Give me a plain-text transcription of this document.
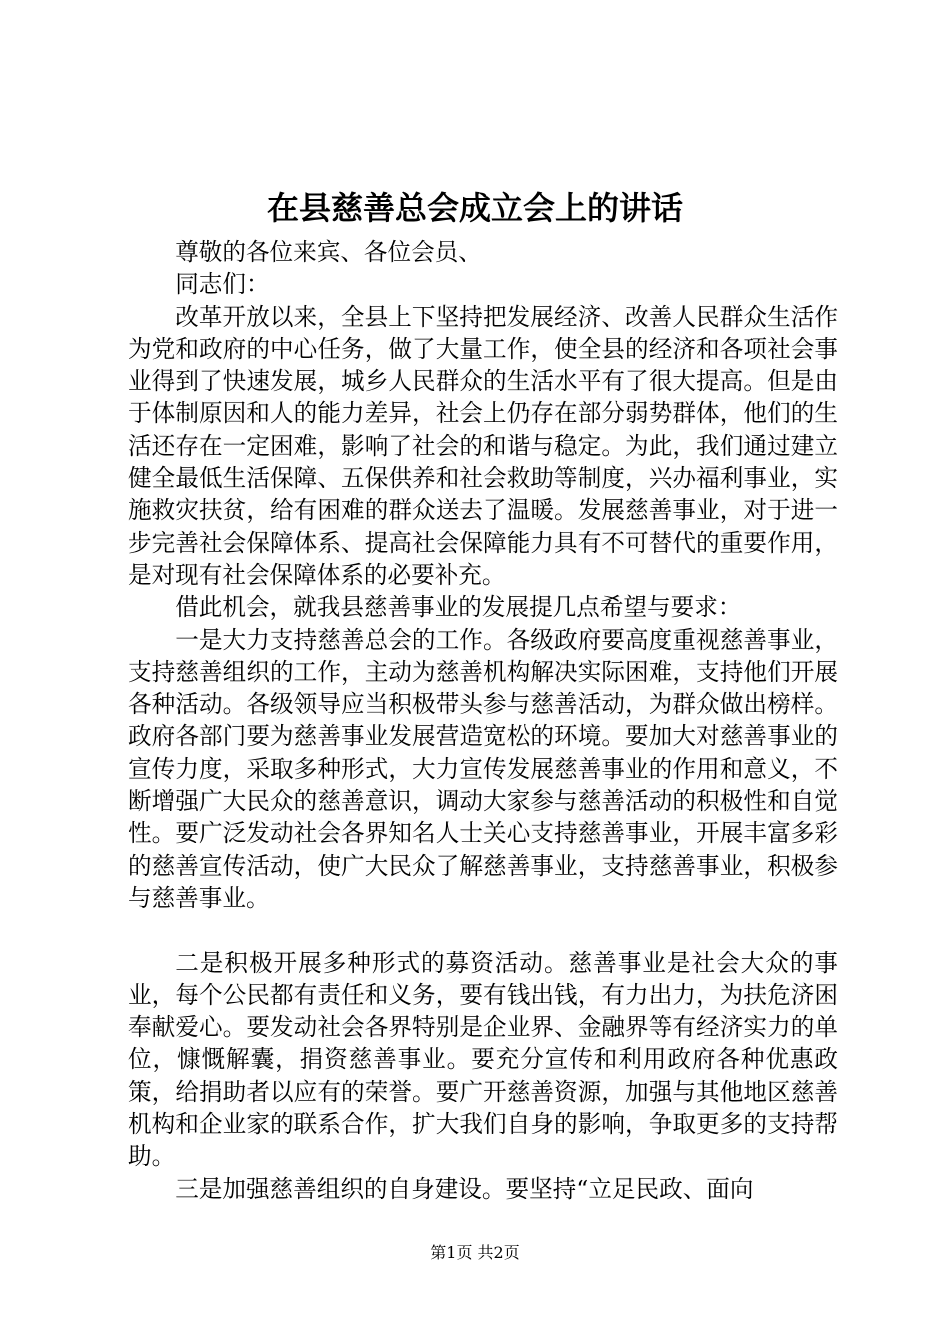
在县慈善总会成立会上的讲话

尊敬的各位来宾、各位会员、

同志们：

改革开放以来，全县上下坚持把发展经济、改善人民群众生活作为党和政府的中心任务，做了大量工作，使全县的经济和各项社会事业得到了快速发展，城乡人民群众的生活水平有了很大提高。但是由于体制原因和人的能力差异，社会上仍存在部分弱势群体，他们的生活还存在一定困难，影响了社会的和谐与稳定。为此，我们通过建立健全最低生活保障、五保供养和社会救助等制度，兴办福利事业，实施救灾扶贫，给有困难的群众送去了温暖。发展慈善事业，对于进一步完善社会保障体系、提高社会保障能力具有不可替代的重要作用，是对现有社会保障体系的必要补充。

借此机会，就我县慈善事业的发展提几点希望与要求：

一是大力支持慈善总会的工作。各级政府要高度重视慈善事业，支持慈善组织的工作，主动为慈善机构解决实际困难，支持他们开展各种活动。各级领导应当积极带头参与慈善活动，为群众做出榜样。政府各部门要为慈善事业发展营造宽松的环境。要加大对慈善事业的宣传力度，采取多种形式，大力宣传发展慈善事业的作用和意义，不断增强广大民众的慈善意识，调动大家参与慈善活动的积极性和自觉性。要广泛发动社会各界知名人士关心支持慈善事业，开展丰富多彩的慈善宣传活动，使广大民众了解慈善事业，支持慈善事业，积极参与慈善事业。

二是积极开展多种形式的募资活动。慈善事业是社会大众的事业，每个公民都有责任和义务，要有钱出钱，有力出力，为扶危济困奉献爱心。要发动社会各界特别是企业界、金融界等有经济实力的单位，慷慨解囊，捐资慈善事业。要充分宣传和利用政府各种优惠政策，给捐助者以应有的荣誉。要广开慈善资源，加强与其他地区慈善机构和企业家的联系合作，扩大我们自身的影响，争取更多的支持帮助。

三是加强慈善组织的自身建设。要坚持“立足民政、面向

第1页 共2页
